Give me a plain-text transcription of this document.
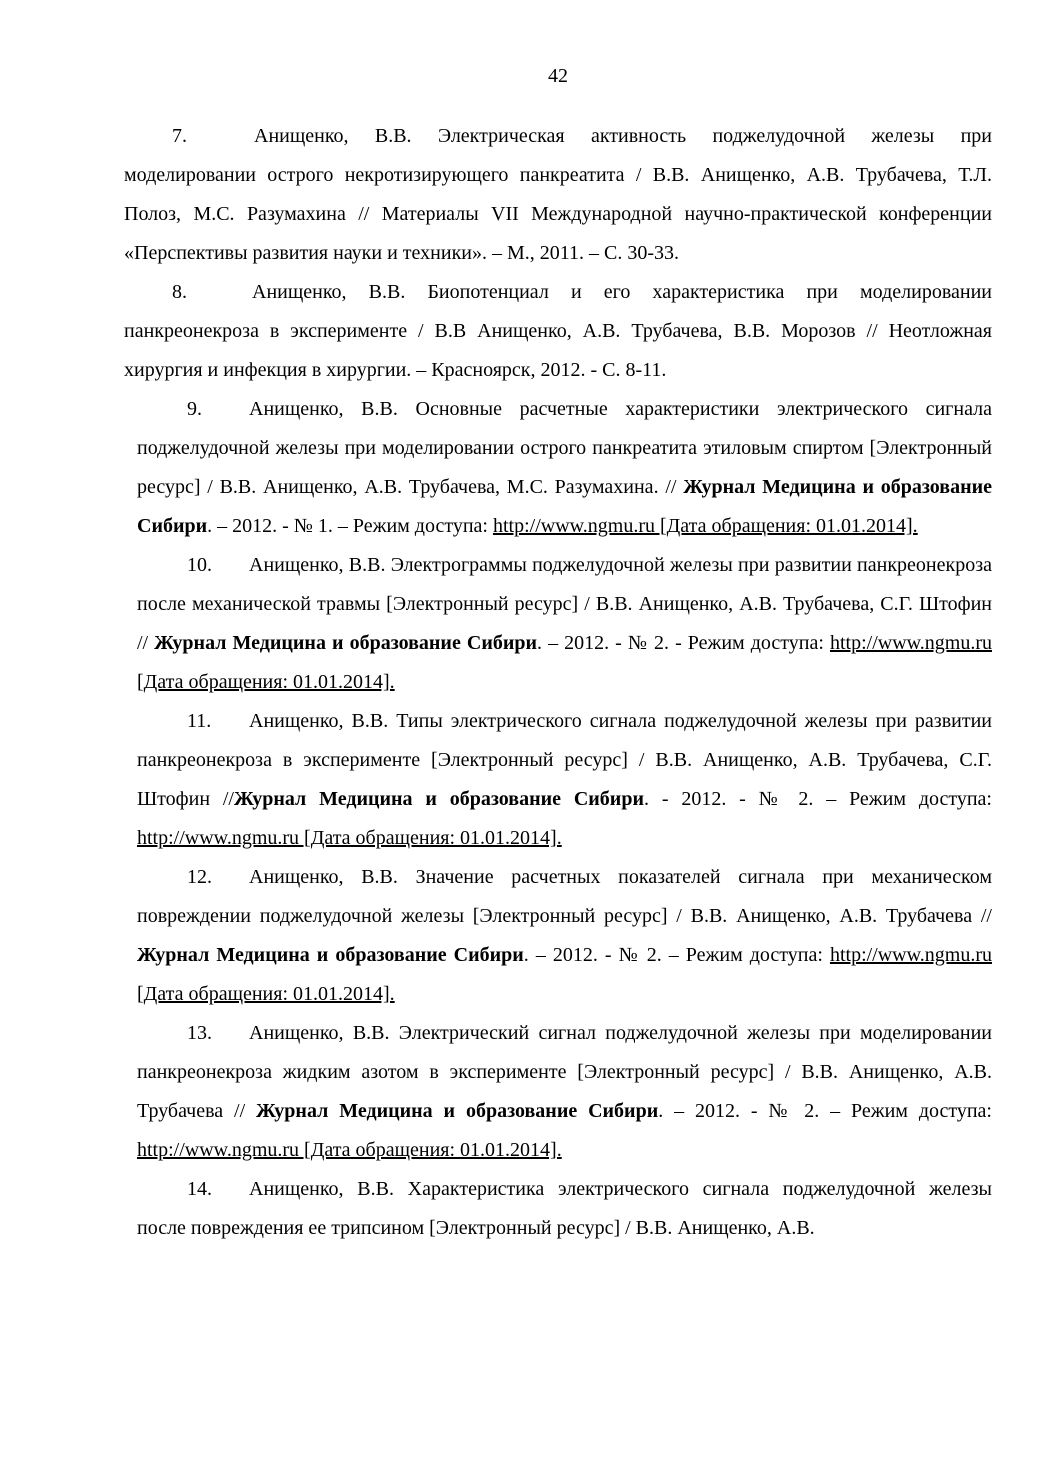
42

7.	Анищенко, В.В. Электрическая активность поджелудочной железы при моделировании острого некротизирующего панкреатита / В.В. Анищенко, А.В. Трубачева, Т.Л. Полоз, М.С. Разумахина // Материалы VII Международной научно-практической конференции «Перспективы развития науки и техники». – М., 2011. – С. 30-33.

8.	Анищенко, В.В. Биопотенциал и его характеристика при моделировании панкреонекроза в эксперименте / В.В Анищенко, А.В. Трубачева, В.В. Морозов // Неотложная хирургия и инфекция в хирургии. – Красноярск, 2012. - С. 8-11.

9. Анищенко, В.В. Основные расчетные характеристики электрического сигнала поджелудочной железы при моделировании острого панкреатита этиловым спиртом [Электронный ресурс] / В.В. Анищенко, А.В. Трубачева, М.С. Разумахина. // Журнал Медицина и образование Сибири. – 2012. - № 1. – Режим доступа: http://www.ngmu.ru [Дата обращения: 01.01.2014].

10. Анищенко, В.В. Электрограммы поджелудочной железы при развитии панкреонекроза после механической травмы [Электронный ресурс] / В.В. Анищенко, А.В. Трубачева, С.Г. Штофин // Журнал Медицина и образование Сибири. – 2012. - № 2. - Режим доступа: http://www.ngmu.ru [Дата обращения: 01.01.2014].

11. Анищенко, В.В. Типы электрического сигнала поджелудочной железы при развитии панкреонекроза в эксперименте [Электронный ресурс] / В.В. Анищенко, А.В. Трубачева, С.Г. Штофин //Журнал Медицина и образование Сибири. - 2012. - № 2. – Режим доступа: http://www.ngmu.ru [Дата обращения: 01.01.2014].

12. Анищенко, В.В. Значение расчетных показателей сигнала при механическом повреждении поджелудочной железы [Электронный ресурс] / В.В. Анищенко, А.В. Трубачева //Журнал Медицина и образование Сибири. – 2012. - № 2. – Режим доступа: http://www.ngmu.ru [Дата обращения: 01.01.2014].

13. Анищенко, В.В. Электрический сигнал поджелудочной железы при моделировании панкреонекроза жидким азотом в эксперименте [Электронный ресурс] / В.В. Анищенко, А.В. Трубачева // Журнал Медицина и образование Сибири. – 2012. - № 2. – Режим доступа: http://www.ngmu.ru [Дата обращения: 01.01.2014].

14. Анищенко, В.В. Характеристика электрического сигнала поджелудочной железы после повреждения ее трипсином [Электронный ресурс] / В.В. Анищенко, А.В.
